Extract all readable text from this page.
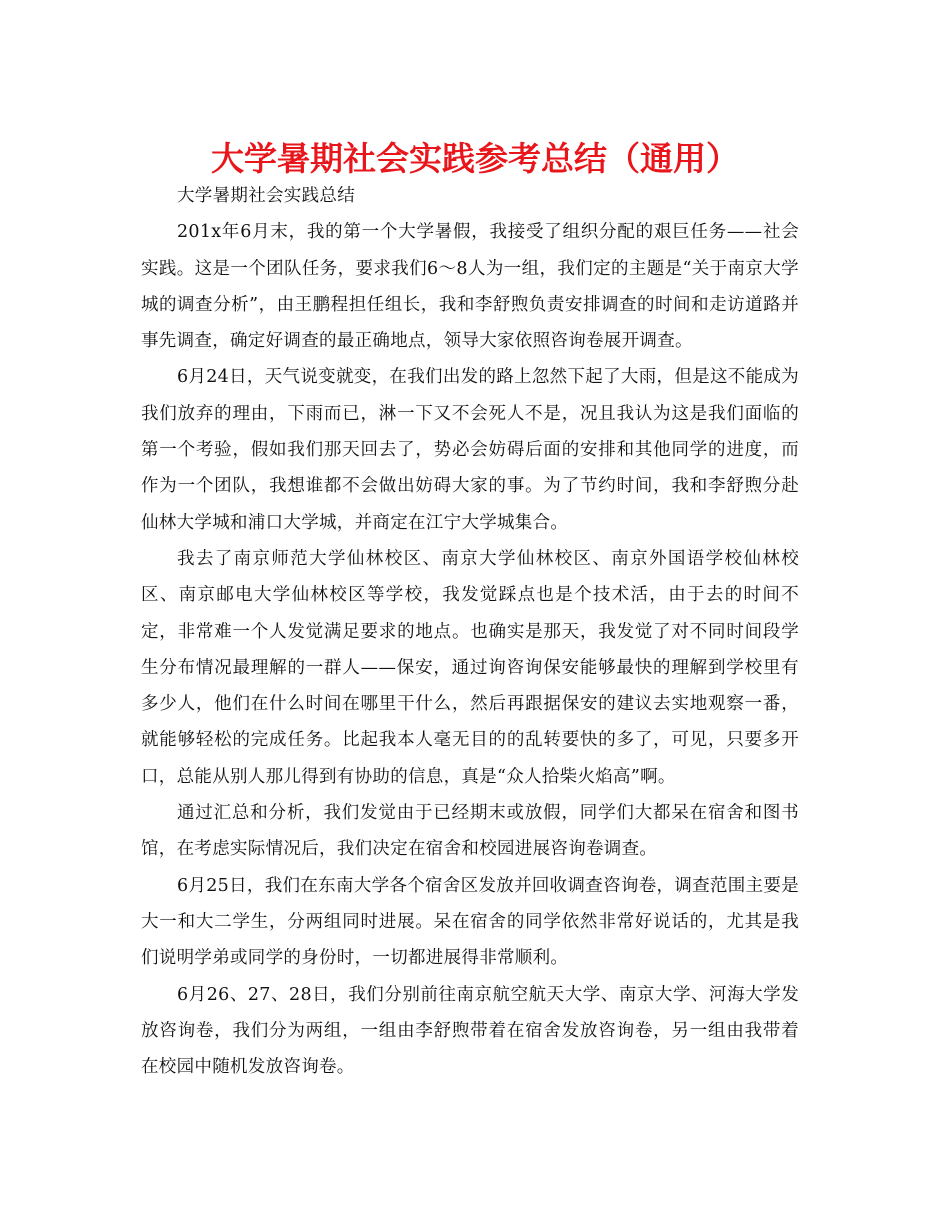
大学暑期社会实践参考总结（通用）

大学暑期社会实践总结

201x年6月末，我的第一个大学暑假，我接受了组织分配的艰巨任务——社会实践。这是一个团队任务，要求我们6～8人为一组，我们定的主题是“关于南京大学城的调查分析”，由王鹏程担任组长，我和李舒煦负责安排调查的时间和走访道路并事先调查，确定好调查的最正确地点，领导大家依照咨询卷展开调查。

6月24日，天气说变就变，在我们出发的路上忽然下起了大雨，但是这不能成为我们放弃的理由，下雨而已，淋一下又不会死人不是，况且我认为这是我们面临的第一个考验，假如我们那天回去了，势必会妨碍后面的安排和其他同学的进度，而作为一个团队，我想谁都不会做出妨碍大家的事。为了节约时间，我和李舒煦分赴仙林大学城和浦口大学城，并商定在江宁大学城集合。

我去了南京师范大学仙林校区、南京大学仙林校区、南京外国语学校仙林校区、南京邮电大学仙林校区等学校，我发觉踩点也是个技术活，由于去的时间不定，非常难一个人发觉满足要求的地点。也确实是那天，我发觉了对不同时间段学生分布情况最理解的一群人——保安，通过询咨询保安能够最快的理解到学校里有多少人，他们在什么时间在哪里干什么，然后再跟据保安的建议去实地观察一番，就能够轻松的完成任务。比起我本人毫无目的的乱转要快的多了，可见，只要多开口，总能从别人那儿得到有协助的信息，真是“众人拾柴火焰高”啊。

通过汇总和分析，我们发觉由于已经期末或放假，同学们大都呆在宿舍和图书馆，在考虑实际情况后，我们决定在宿舍和校园进展咨询卷调查。

6月25日，我们在东南大学各个宿舍区发放并回收调查咨询卷，调查范围主要是大一和大二学生，分两组同时进展。呆在宿舍的同学依然非常好说话的，尤其是我们说明学弟或同学的身份时，一切都进展得非常顺利。

6月26、27、28日，我们分别前往南京航空航天大学、南京大学、河海大学发放咨询卷，我们分为两组，一组由李舒煦带着在宿舍发放咨询卷，另一组由我带着在校园中随机发放咨询卷。
